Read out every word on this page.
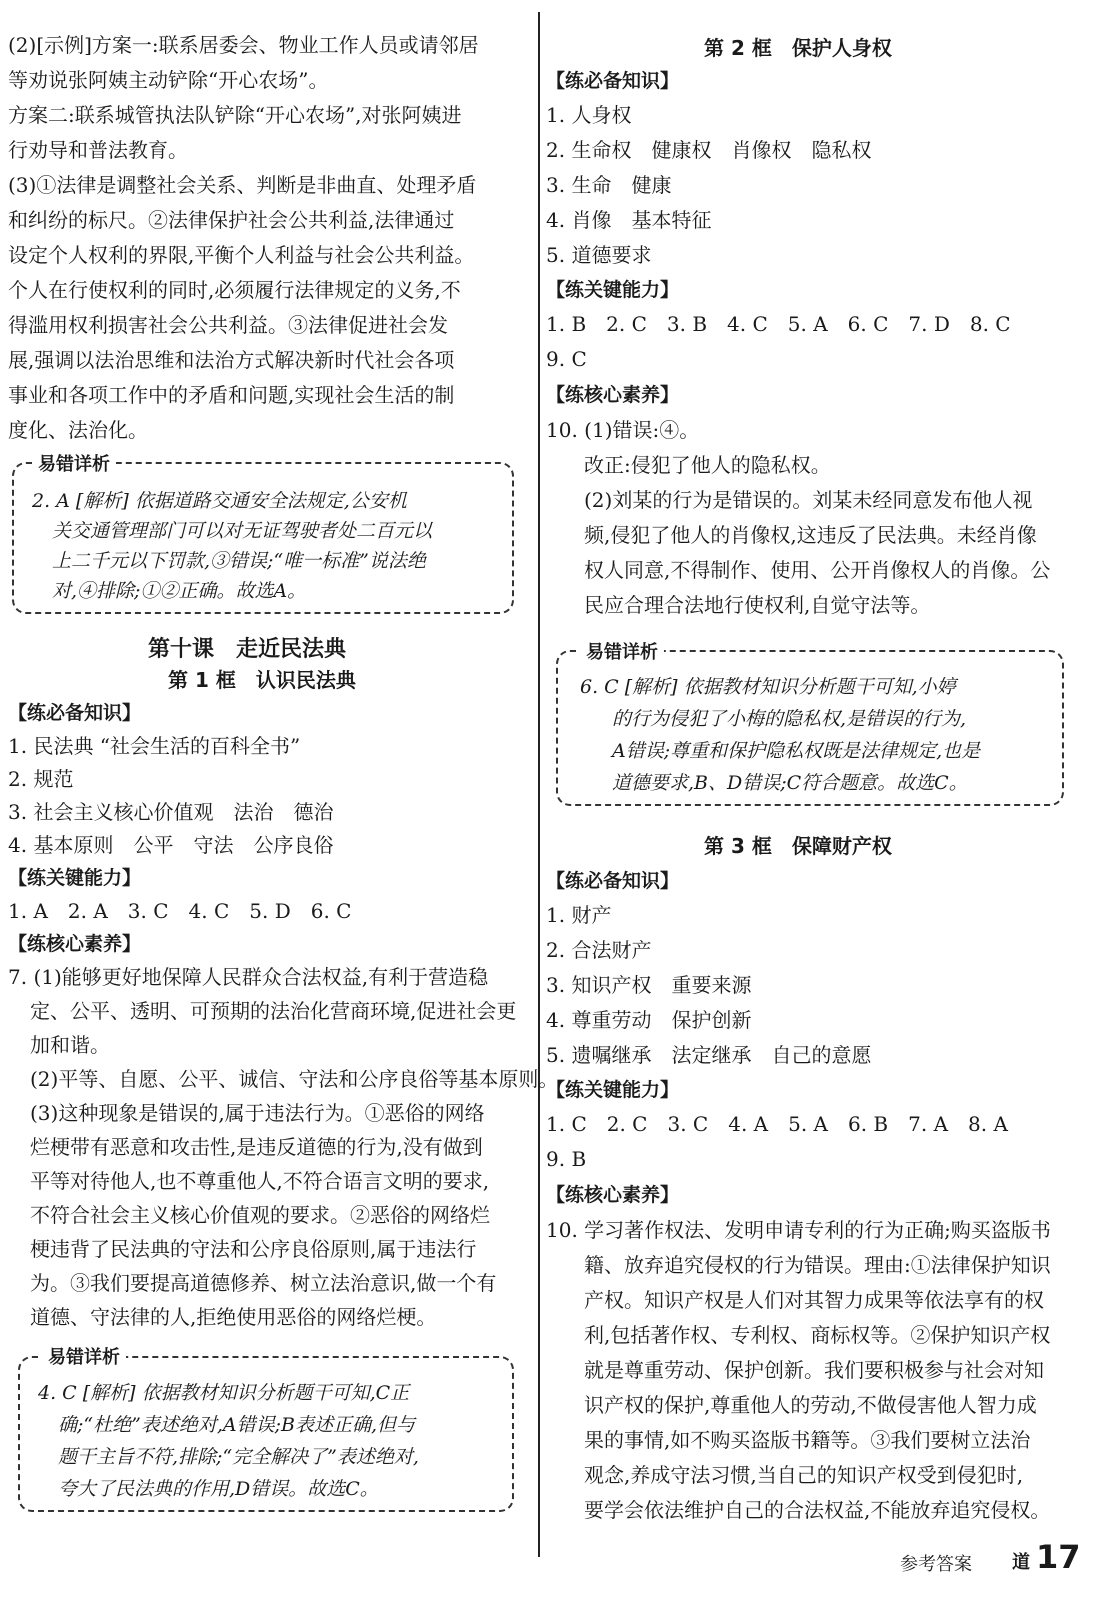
(2)[示例]方案一:联系居委会、物业工作人员或请邻居
等劝说张阿姨主动铲除“开心农场”。
方案二:联系城管执法队铲除“开心农场”,对张阿姨进
行劝导和普法教育。
(3)①法律是调整社会关系、判断是非曲直、处理矛盾
和纠纷的标尺。②法律保护社会公共利益,法律通过
设定个人权利的界限,平衡个人利益与社会公共利益。
个人在行使权利的同时,必须履行法律规定的义务,不
得滥用权利损害社会公共利益。③法律促进社会发
展,强调以法治思维和法治方式解决新时代社会各项
事业和各项工作中的矛盾和问题,实现社会生活的制
度化、法治化。
易错详析
2. A [解析] 依据道路交通安全法规定,公安机
关交通管理部门可以对无证驾驶者处二百元以
上二千元以下罚款,③错误;“唯一标准”说法绝
对,④排除;①②正确。故选A。
第十课　走近民法典
第 1 框　认识民法典
【练必备知识】
1. 民法典 “社会生活的百科全书”
2. 规范
3. 社会主义核心价值观　法治　德治
4. 基本原则　公平　守法　公序良俗
【练关键能力】
1. A　2. A　3. C　4. C　5. D　6. C
【练核心素养】
7. (1)能够更好地保障人民群众合法权益,有利于营造稳
定、公平、透明、可预期的法治化营商环境,促进社会更
加和谐。
(2)平等、自愿、公平、诚信、守法和公序良俗等基本原则。
(3)这种现象是错误的,属于违法行为。①恶俗的网络
烂梗带有恶意和攻击性,是违反道德的行为,没有做到
平等对待他人,也不尊重他人,不符合语言文明的要求,
不符合社会主义核心价值观的要求。②恶俗的网络烂
梗违背了民法典的守法和公序良俗原则,属于违法行
为。③我们要提高道德修养、树立法治意识,做一个有
道德、守法律的人,拒绝使用恶俗的网络烂梗。
易错详析
4. C [解析] 依据教材知识分析题干可知,C正
确;“杜绝”表述绝对,A错误;B表述正确,但与
题干主旨不符,排除;“完全解决了”表述绝对,
夸大了民法典的作用,D错误。故选C。
第 2 框　保护人身权
【练必备知识】
1. 人身权
2. 生命权　健康权　肖像权　隐私权
3. 生命　健康
4. 肖像　基本特征
5. 道德要求
【练关键能力】
1. B　2. C　3. B　4. C　5. A　6. C　7. D　8. C
9. C
【练核心素养】
10. (1)错误:④。
改正:侵犯了他人的隐私权。
(2)刘某的行为是错误的。刘某未经同意发布他人视
频,侵犯了他人的肖像权,这违反了民法典。未经肖像
权人同意,不得制作、使用、公开肖像权人的肖像。公
民应合理合法地行使权利,自觉守法等。
易错详析
6. C [解析] 依据教材知识分析题干可知,小婷
的行为侵犯了小梅的隐私权,是错误的行为,
A错误;尊重和保护隐私权既是法律规定,也是
道德要求,B、D错误;C符合题意。故选C。
第 3 框　保障财产权
【练必备知识】
1. 财产
2. 合法财产
3. 知识产权　重要来源
4. 尊重劳动　保护创新
5. 遗嘱继承　法定继承　自己的意愿
【练关键能力】
1. C　2. C　3. C　4. A　5. A　6. B　7. A　8. A
9. B
【练核心素养】
10. 学习著作权法、发明申请专利的行为正确;购买盗版书
籍、放弃追究侵权的行为错误。理由:①法律保护知识
产权。知识产权是人们对其智力成果等依法享有的权
利,包括著作权、专利权、商标权等。②保护知识产权
就是尊重劳动、保护创新。我们要积极参与社会对知
识产权的保护,尊重他人的劳动,不做侵害他人智力成
果的事情,如不购买盗版书籍等。③我们要树立法治
观念,养成守法习惯,当自己的知识产权受到侵犯时,
要学会依法维护自己的合法权益,不能放弃追究侵权。
参考答案 道 17
